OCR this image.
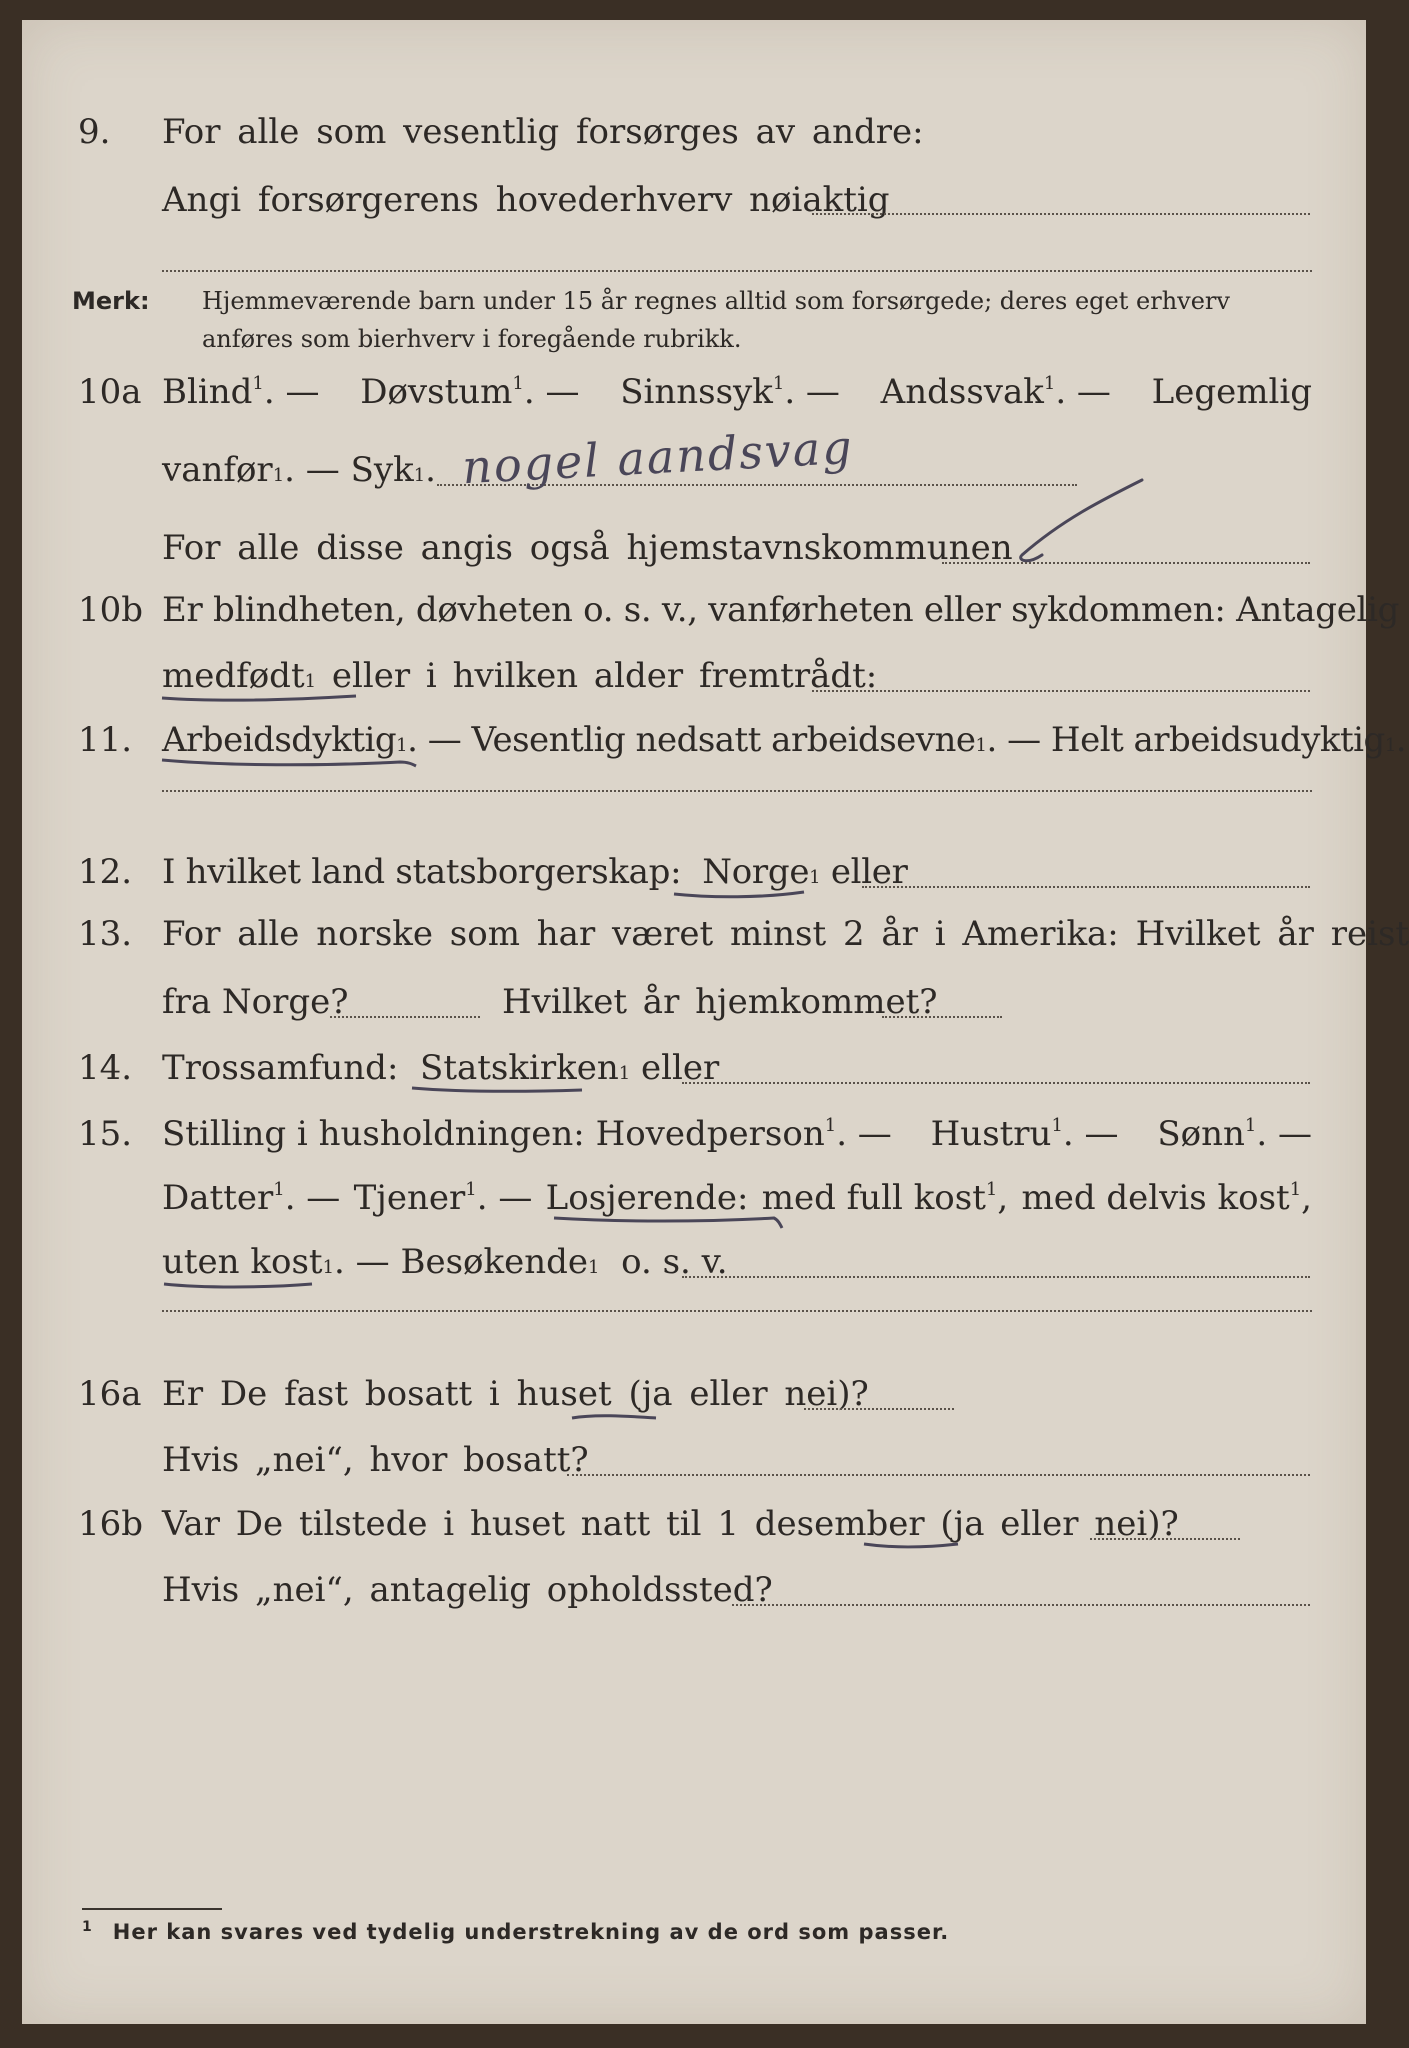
9. For alle som vesentlig forsørges av andre:
Angi forsørgerens hovederhverv nøiaktig
Merk: Hjemmeværende barn under 15 år regnes alltid som forsørgede; deres eget erhverv
anføres som bierhverv i foregående rubrikk.
10a Blind$^1$. — Døvstum$^1$. — Sinnssyk$^1$. — Andssvak$^1$. — Legemlig
vanfør 1 . — Syk 1 . nogel aandsvag
For alle disse angis også hjemstavnskommunen
10b Er blindheten, døvheten o. s. v., vanførheten eller sykdommen: Antagelig
medfødt 1
eller i hvilken alder fremtrådt:
11. Arbeidsdyktig 1 . — Vesentlig nedsatt arbeidsevne 1 . — Helt arbeidsudyktig 1 .
12. I hvilket land statsborgerskap:
Norge 1
eller
13. For alle norske som har været minst 2 år i Amerika: Hvilket år reist
fra Norge?	Hvilket år hjemkommet?
14. Trossamfund:
Statskirken 1
eller
15. Stilling i husholdningen: Hovedperson$^1$. — Hustru$^1$. — Sønn$^1$. —
Datter$^1$. — Tjener$^1$. — Losjerende: med full kost$^1$, med delvis kost$^1$,
uten kost 1 . — Besøkende 1
o. s. v.
16a Er De fast bosatt i huset (ja eller nei)?
Hvis „nei“, hvor bosatt?
16b Var De tilstede i huset natt til 1 desember (ja eller nei)?
Hvis „nei“, antagelig opholdssted?
$^1$ Her kan svares ved tydelig understrekning av de ord som passer.
